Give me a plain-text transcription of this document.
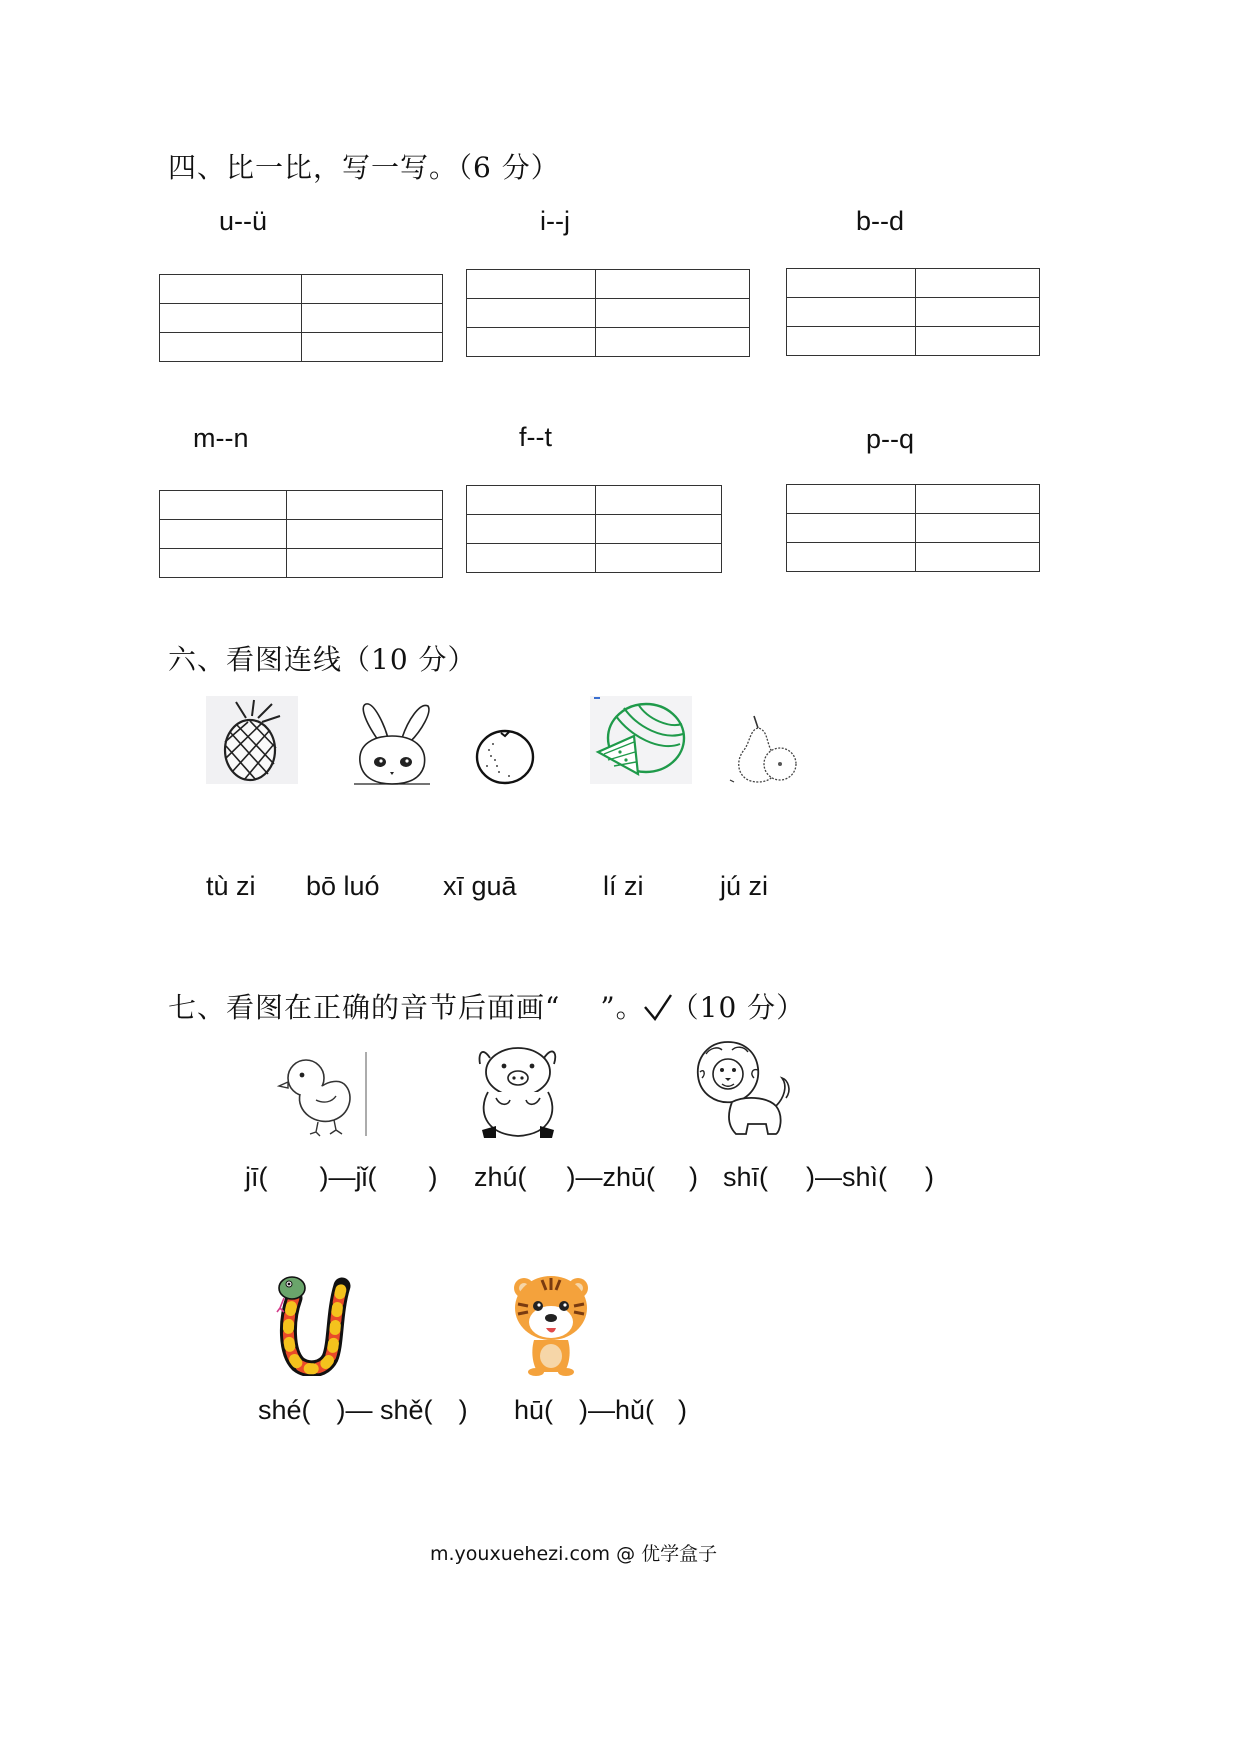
四、比一比，写一写。（6 分）
u--ü	i--j	b--d
m--n	f--t	p--q
六、看图连线（10 分）
tù zi bō luó xī guā	lí zi	jú zi
七、看图在正确的音节后面画“ ”。 （10 分）
jī( )—jǐ( ) zhú( )—zhū( ) shī( )—shì( )
shé( )— shě( ) hū( )—hǔ( )
m.youxuehezi.com @ 优学盒子
